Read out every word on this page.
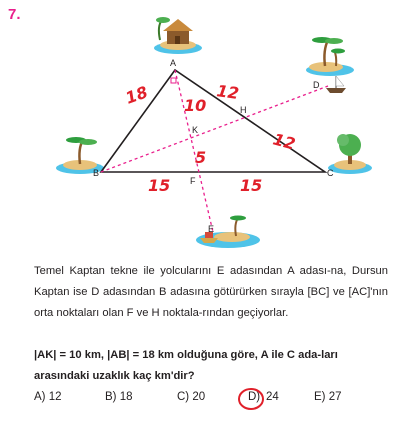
7.
A
B	C
D
E
F
H
K
18 10
12
12
5
15	15

Temel Kaptan tekne ile yolcularını E adasından A adası-na, Dursun Kaptan ise D adasından B adasına götürürken sırayla [BC] ve [AC]'nın orta noktaları olan F ve H noktala-rından geçiyorlar.

|AK| = 10 km, |AB| = 18 km olduğuna göre, A ile C ada-ları arasındaki uzaklık kaç km'dir?

A) 12	B) 18	C) 20	D) 24	E) 27
